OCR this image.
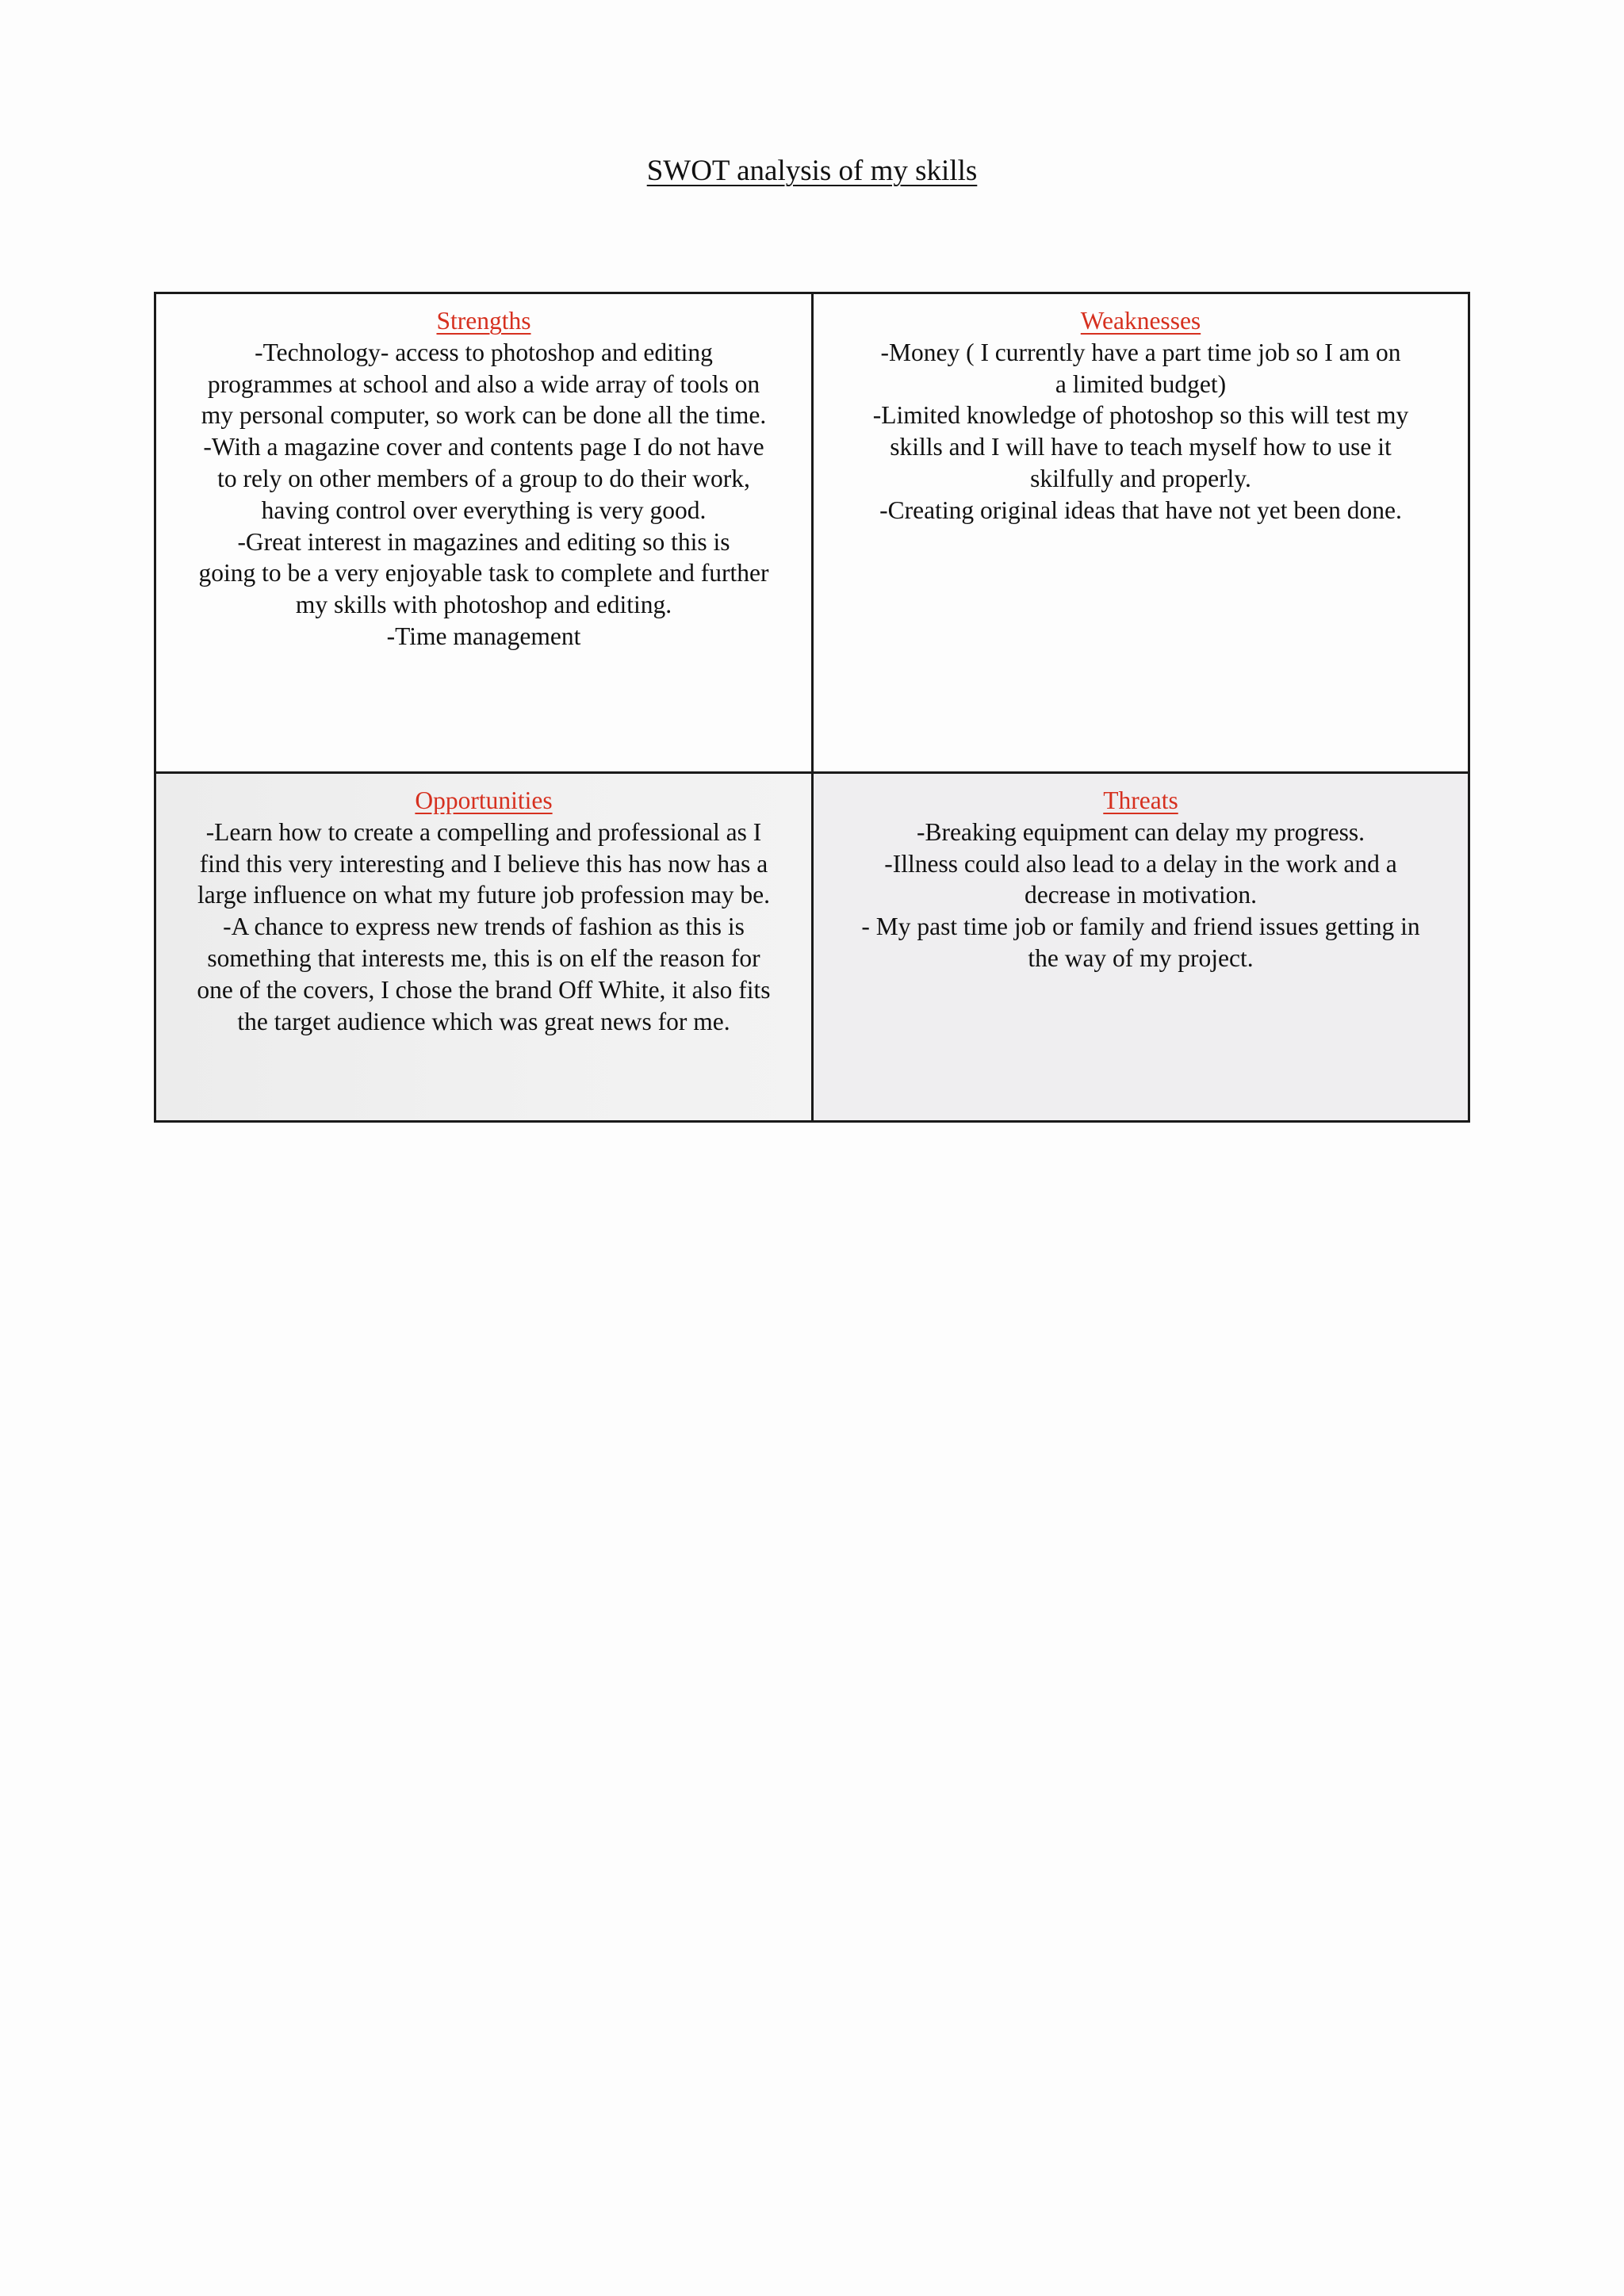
SWOT analysis of my skills
Strengths
-Technology- access to photoshop and editing
programmes at school and also a wide array of tools on
my personal computer, so work can be done all the time.
-With a magazine cover and contents page I do not have
to rely on other members of a group to do their work,
having control over everything is very good.
-Great interest in magazines and editing so this is
going to be a very enjoyable task to complete and further
my skills with photoshop and editing.
-Time management
Weaknesses
-Money ( I currently have a part time job so I am on
a limited budget)
-Limited knowledge of photoshop so this will test my
skills and I will have to teach myself how to use it
skilfully and properly.
-Creating original ideas that have not yet been done.
Opportunities
-Learn how to create a compelling and professional as I
find this very interesting and I believe this has now has a
large influence on what my future job profession may be.
-A chance to express new trends of fashion as this is
something that interests me, this is on elf the reason for
one of the covers, I chose the brand Off White, it also fits
the target audience which was great news for me.
Threats
-Breaking equipment can delay my progress.
-Illness could also lead to a delay in the work and a
decrease in motivation.
- My past time job or family and friend issues getting in
the way of my project.
